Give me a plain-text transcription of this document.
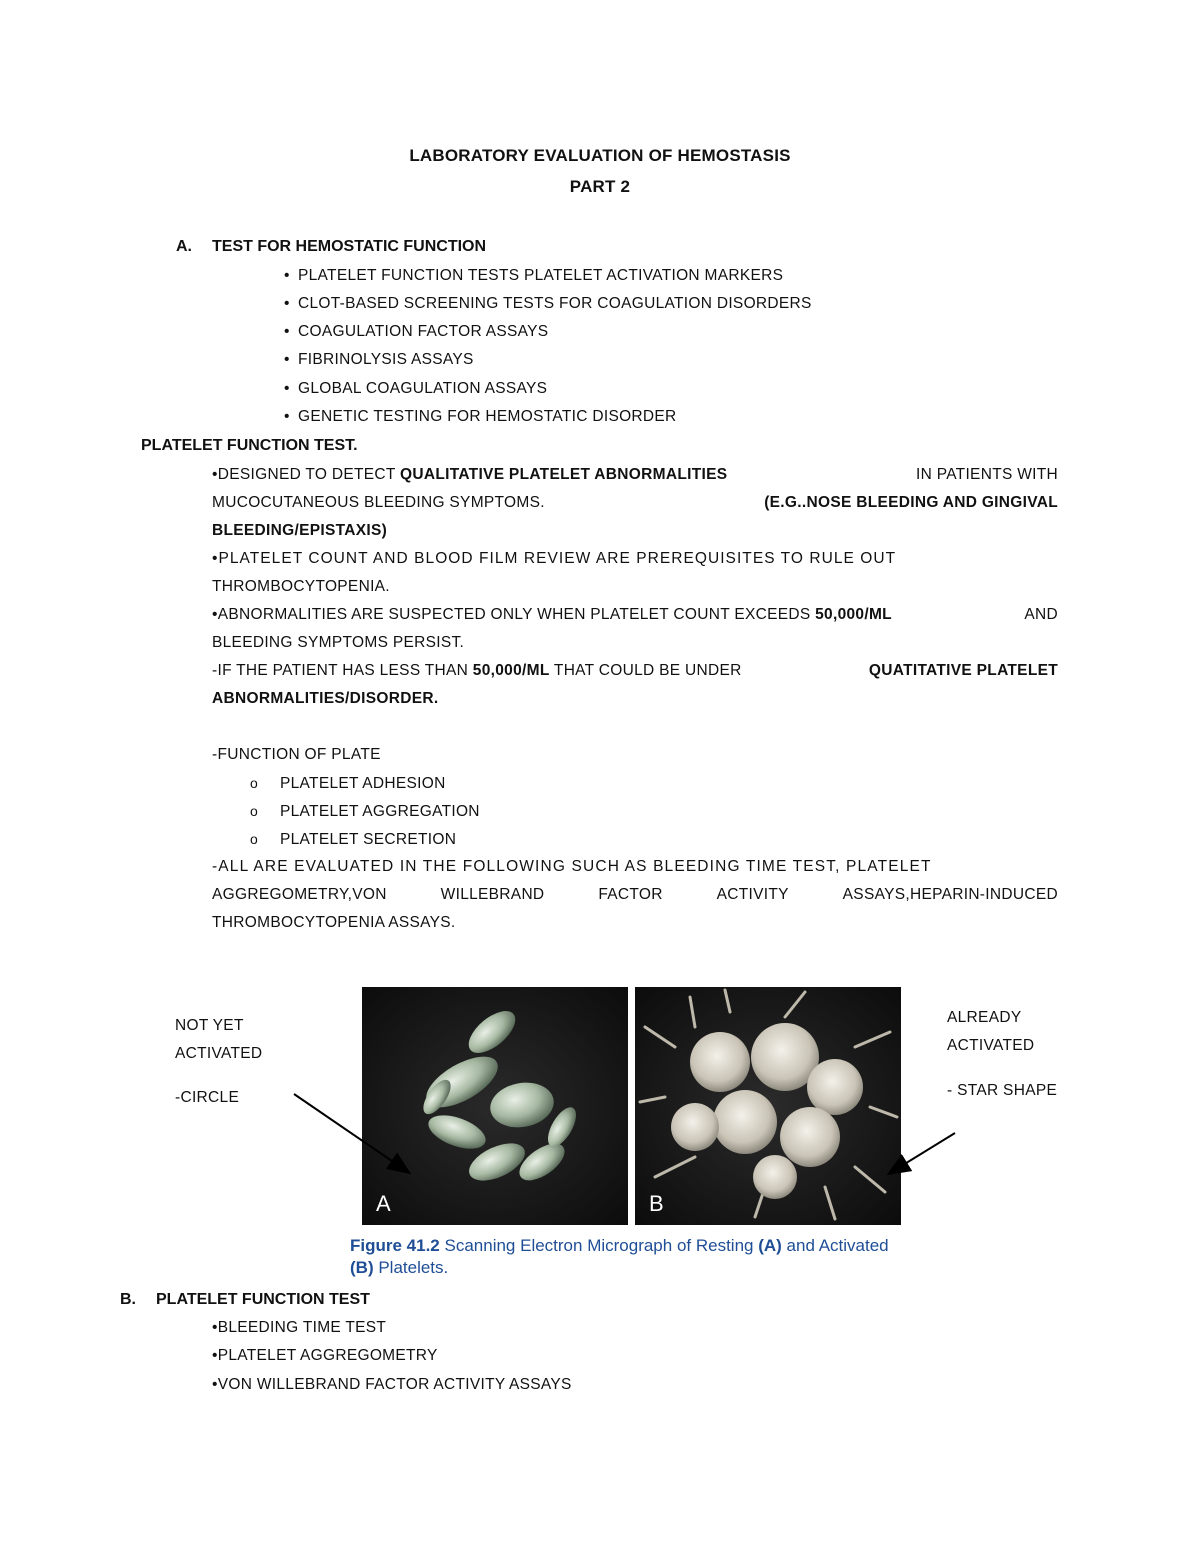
LABORATORY EVALUATION OF HEMOSTASIS
PART 2
A. TEST FOR HEMOSTATIC FUNCTION
• PLATELET FUNCTION TESTS PLATELET ACTIVATION MARKERS
• CLOT-BASED SCREENING TESTS FOR COAGULATION DISORDERS
• COAGULATION FACTOR ASSAYS
• FIBRINOLYSIS ASSAYS
• GLOBAL COAGULATION ASSAYS
• GENETIC TESTING FOR HEMOSTATIC DISORDER
PLATELET FUNCTION TEST.
•DESIGNED TO DETECT QUALITATIVE PLATELET ABNORMALITIES	IN PATIENTS WITH
MUCOCUTANEOUS BLEEDING SYMPTOMS.	(E.G..NOSE BLEEDING AND GINGIVAL
BLEEDING/EPISTAXIS)
•PLATELET COUNT AND BLOOD FILM REVIEW ARE PREREQUISITES TO RULE OUT
THROMBOCYTOPENIA.
•ABNORMALITIES ARE SUSPECTED ONLY WHEN PLATELET COUNT EXCEEDS 50,000/ML	AND
BLEEDING SYMPTOMS PERSIST.
-IF THE PATIENT HAS LESS THAN 50,000/ML THAT COULD BE UNDER	QUATITATIVE PLATELET
ABNORMALITIES/DISORDER.
-FUNCTION OF PLATE
o PLATELET ADHESION
o PLATELET AGGREGATION
o PLATELET SECRETION
-ALL ARE EVALUATED IN THE FOLLOWING SUCH AS BLEEDING TIME TEST, PLATELET
AGGREGOMETRY,VON	WILLEBRAND	FACTOR	ACTIVITY	ASSAYS,HEPARIN-INDUCED
THROMBOCYTOPENIA ASSAYS.
NOT YET
ACTIVATED
-CIRCLE
ALREADY
ACTIVATED
- STAR SHAPE
A	B
Figure 41.2 Scanning Electron Micrograph of Resting (A) and Activated
(B) Platelets.
B. PLATELET FUNCTION TEST
•BLEEDING TIME TEST
•PLATELET AGGREGOMETRY
•VON WILLEBRAND FACTOR ACTIVITY ASSAYS
